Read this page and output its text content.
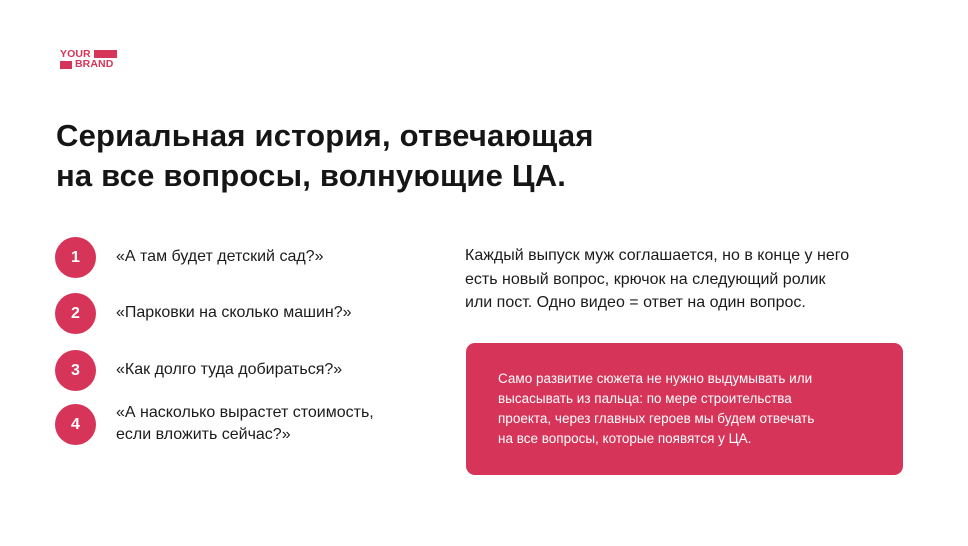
YOUR
BRAND
Сериальная история, отвечающая
на все вопросы, волнующие ЦА.
1	«А там будет детский сад?»
2	«Парковки на сколько машин?»
3	«Как долго туда добираться?»
4
«А насколько вырастет стоимость,
если вложить сейчас?»

Каждый выпуск муж соглашается, но в конце у него
есть новый вопрос, крючок на следующий ролик
или пост. Одно видео = ответ на один вопрос.

Само развитие сюжета не нужно выдумывать или
высасывать из пальца: по мере строительства
проекта, через главных героев мы будем отвечать
на все вопросы, которые появятся у ЦА.
